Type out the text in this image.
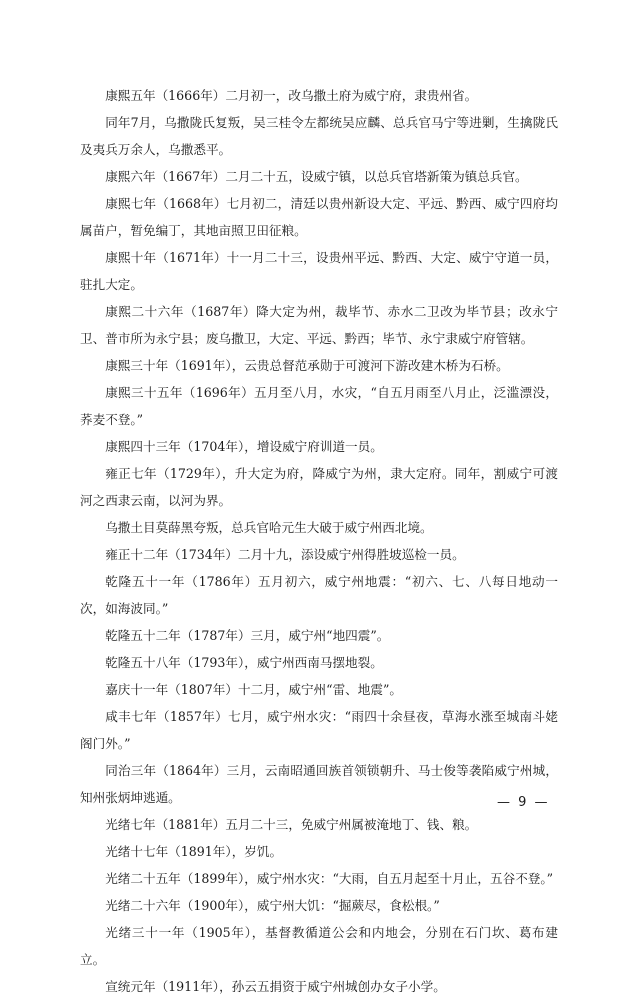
康熙五年（1666年）二月初一，改乌撒土府为威宁府，隶贵州省。

同年7月，乌撒陇氏复叛，吴三桂令左都统吴应麟、总兵官马宁等进剿，生擒陇氏及夷兵万余人，乌撒悉平。

康熙六年（1667年）二月二十五，设威宁镇，以总兵官塔新策为镇总兵官。

康熙七年（1668年）七月初二，清廷以贵州新设大定、平远、黔西、威宁四府均属苗户，暂免编丁，其地亩照卫田征粮。

康熙十年（1671年）十一月二十三，设贵州平远、黔西、大定、威宁守道一员，驻扎大定。

康熙二十六年（1687年）降大定为州，裁毕节、赤水二卫改为毕节县；改永宁卫、普市所为永宁县；废乌撒卫，大定、平远、黔西；毕节、永宁隶威宁府管辖。

康熙三十年（1691年），云贵总督范承勋于可渡河下游改建木桥为石桥。

康熙三十五年（1696年）五月至八月，水灾，“自五月雨至八月止，泛滥漂没，荞麦不登。”

康熙四十三年（1704年），增设威宁府训道一员。

雍正七年（1729年），升大定为府，降威宁为州，隶大定府。同年，割威宁可渡河之西隶云南，以河为界。

乌撒土目莫薛黑夸叛，总兵官哈元生大破于威宁州西北境。

雍正十二年（1734年）二月十九，添设威宁州得胜坡巡检一员。

乾隆五十一年（1786年）五月初六，威宁州地震：“初六、七、八每日地动一次，如海波同。”

乾隆五十二年（1787年）三月，威宁州“地四震”。

乾隆五十八年（1793年），威宁州西南马摆地裂。

嘉庆十一年（1807年）十二月，威宁州“雷、地震”。

咸丰七年（1857年）七月，威宁州水灾：“雨四十余昼夜，草海水涨至城南斗姥阁门外。”

同治三年（1864年）三月，云南昭通回族首领锁朝升、马士俊等袭陷威宁州城，知州张炳坤逃遁。

光绪七年（1881年）五月二十三，免威宁州属被淹地丁、钱、粮。

光绪十七年（1891年），岁饥。

光绪二十五年（1899年），威宁州水灾：“大雨，自五月起至十月止，五谷不登。”

光绪二十六年（1900年），威宁州大饥：“掘蕨尽，食松根。”

光绪三十一年（1905年），基督教循道公会和内地会，分别在石门坎、葛布建立。

宣统元年（1911年），孙云五捐资于威宁州城创办女子小学。

— 9 —
